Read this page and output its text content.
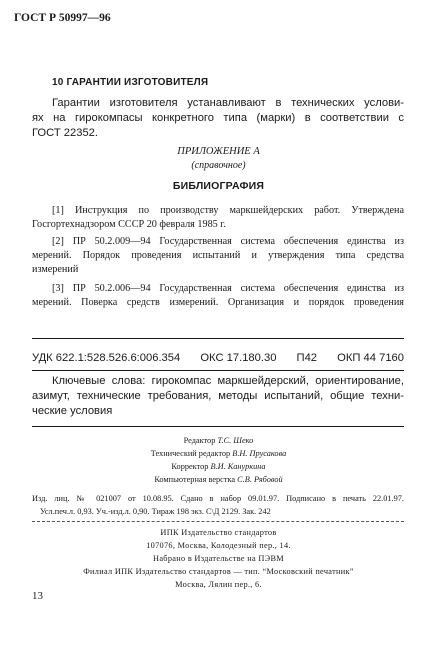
ГОСТ Р 50997—96
10 ГАРАНТИИ ИЗГОТОВИТЕЛЯ
Гарантии изготовителя устанавливают в технических услови-
ях на гирокомпасы конкретного типа (марки) в соответствии с
ГОСТ 22352.
ПРИЛОЖЕНИЕ А
(справочное)
БИБЛИОГРАФИЯ
[1] Инструкция по производству маркшейдерских работ. Утверждена
Госгортехнадзором СССР 20 февраля 1985 г.
[2] ПР 50.2.009—94 Государственная система обеспечения единства из
мерений. Порядок проведения испытаний и утверждения типа средства
измерений
[3] ПР 50.2.006—94 Государственная система обеспечения единства из
мерений. Поверка средств измерений. Организация и порядок проведения
УДК 622.1:528.526.6:006.354 ОКС 17.180.30 П42 ОКП 44 7160
Ключевые слова: гирокомпас маркшейдерский, ориентирование,
азимут, технические требования, методы испытаний, общие техни-
ческие условия
Редактор Т.С. Шеко
Технический редактор В.Н. Прусакова
Корректор В.И. Кануркина
Компьютерная верстка С.В. Рябовой
Изд. лиц. № 021007 от 10.08.95. Сдано в набор 09.01.97. Подписано в печать 22.01.97.
Усл.печ.л. 0,93. Уч.-изд.л. 0,90. Тираж 198 экз. С\Д 2129. Зак. 242
ИПК Издательство стандартов
107076, Москва, Колодезный пер., 14.
Набрано в Издательстве на ПЭВМ
Филиал ИПК Издательство стандартов — тип. “Московский печатник”
Москва, Лялин пер., 6.
13
